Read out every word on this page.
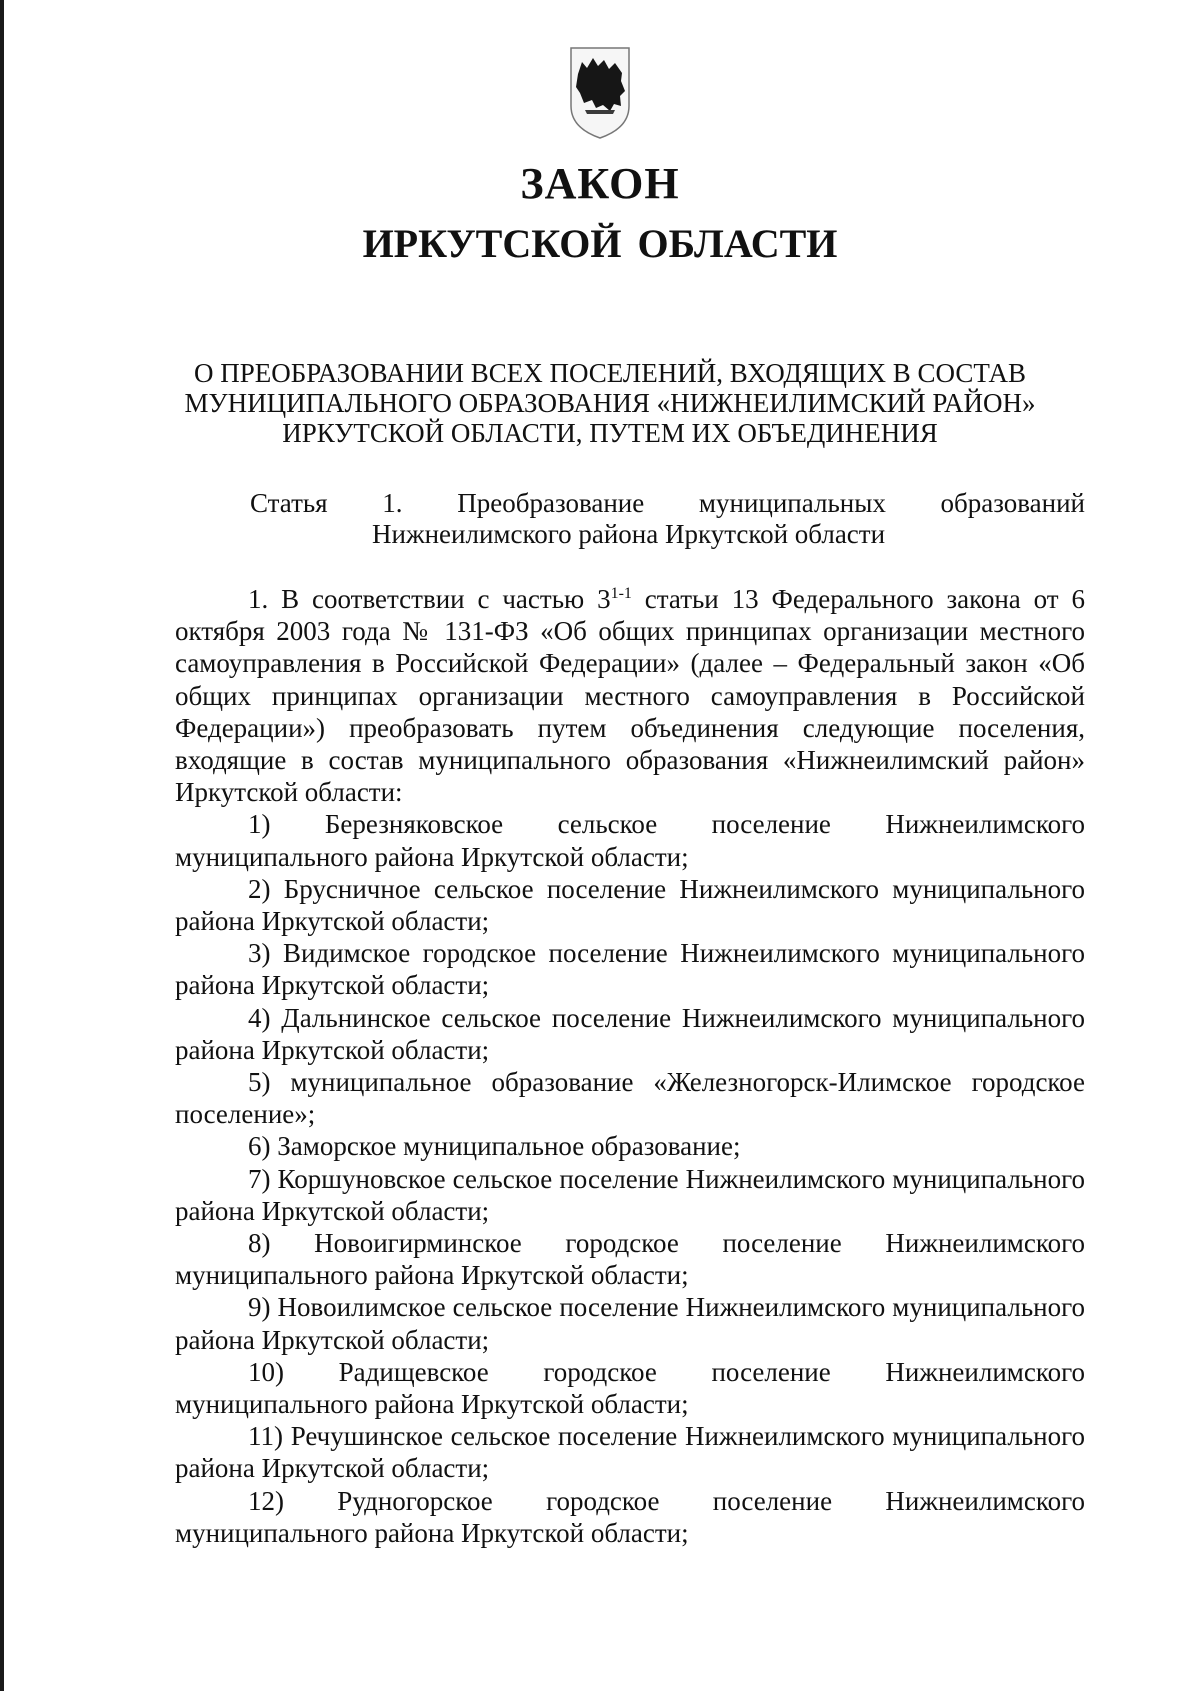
ЗАКОН
ИРКУТСКОЙ ОБЛАСТИ
О ПРЕОБРАЗОВАНИИ ВСЕХ ПОСЕЛЕНИЙ, ВХОДЯЩИХ В СОСТАВ
МУНИЦИПАЛЬНОГО ОБРАЗОВАНИЯ «НИЖНЕИЛИМСКИЙ РАЙОН»
ИРКУТСКОЙ ОБЛАСТИ, ПУТЕМ ИХ ОБЪЕДИНЕНИЯ
Статья 1. Преобразование муниципальных образований
Нижнеилимского района Иркутской области

1. В соответствии с частью 3$^{1-1}$ статьи 13 Федерального закона от 6 октября 2003 года № 131-ФЗ «Об общих принципах организации местного самоуправления в Российской Федерации» (далее – Федеральный закон «Об общих принципах организации местного самоуправления в Российской Федерации») преобразовать путем объединения следующие поселения, входящие в состав муниципального образования «Нижнеилимский район» Иркутской области:

1) Березняковское сельское поселение Нижнеилимского муниципального района Иркутской области;
2) Брусничное сельское поселение Нижнеилимского муниципального района Иркутской области;
3) Видимское городское поселение Нижнеилимского муниципального района Иркутской области;
4) Дальнинское сельское поселение Нижнеилимского муниципального района Иркутской области;
5) муниципальное образование «Железногорск-Илимское городское поселение»;
6) Заморское муниципальное образование;
7) Коршуновское сельское поселение Нижнеилимского муниципального района Иркутской области;
8) Новоигирминское городское поселение Нижнеилимского муниципального района Иркутской области;
9) Новоилимское сельское поселение Нижнеилимского муниципального района Иркутской области;
10) Радищевское городское поселение Нижнеилимского муниципального района Иркутской области;
11) Речушинское сельское поселение Нижнеилимского муниципального района Иркутской области;
12) Рудногорское городское поселение Нижнеилимского муниципального района Иркутской области;
